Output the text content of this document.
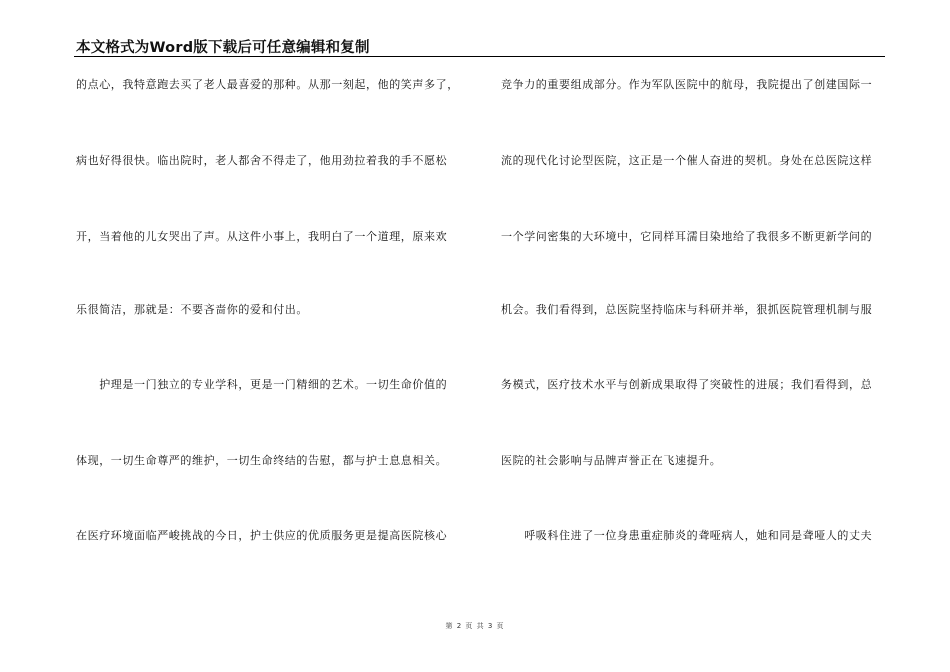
本文格式为Word版下载后可任意编辑和复制
的点心，我特意跑去买了老人最喜爱的那种。从那一刻起，他的笑声多了，
病也好得很快。临出院时，老人都舍不得走了，他用劲拉着我的手不愿松
开，当着他的儿女哭出了声。从这件小事上，我明白了一个道理，原来欢
乐很简洁，那就是：不要吝啬你的爱和付出。
　　护理是一门独立的专业学科，更是一门精细的艺术。一切生命价值的
体现，一切生命尊严的维护，一切生命终结的告慰，都与护士息息相关。
在医疗环境面临严峻挑战的今日，护士供应的优质服务更是提高医院核心
竞争力的重要组成部分。作为军队医院中的航母，我院提出了创建国际一
流的现代化讨论型医院，这正是一个催人奋进的契机。身处在总医院这样
一个学问密集的大环境中，它同样耳濡目染地给了我很多不断更新学问的
机会。我们看得到，总医院坚持临床与科研并举，狠抓医院管理机制与服
务模式，医疗技术水平与创新成果取得了突破性的进展；我们看得到，总
医院的社会影响与品牌声誉正在飞速提升。
　　呼吸科住进了一位身患重症肺炎的聋哑病人，她和同是聋哑人的丈夫
第 2 页 共 3 页
